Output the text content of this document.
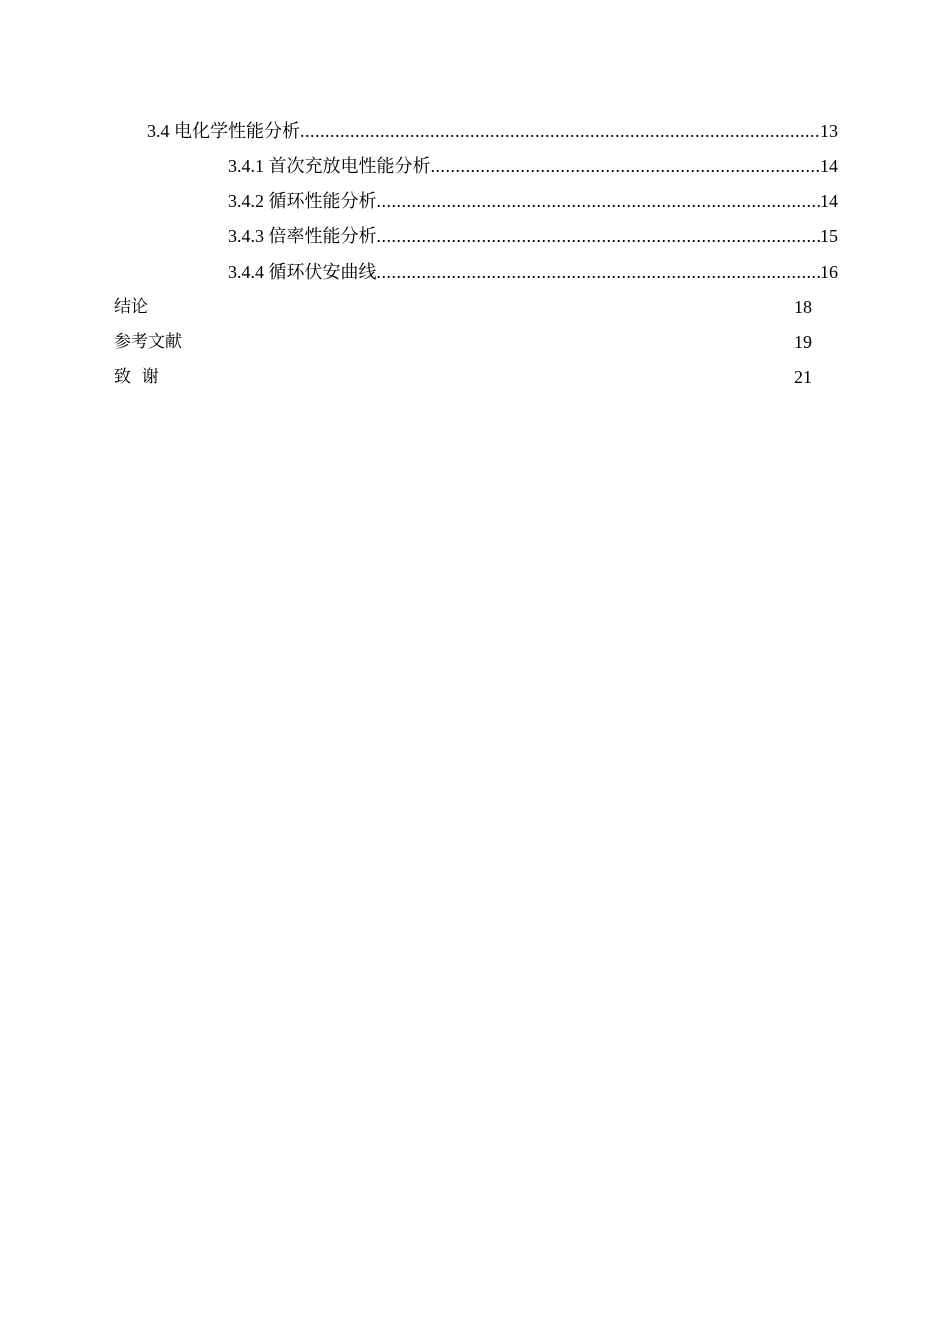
3.4 电化学性能分析 .....	13
3.4.1 首次充放电性能分析 .....	14
3.4.2 循环性能分析 .....	14
3.4.3 倍率性能分析 .....	15
3.4.4 循环伏安曲线 .....	16
结论	18
参考文献	19
致  谢	21
